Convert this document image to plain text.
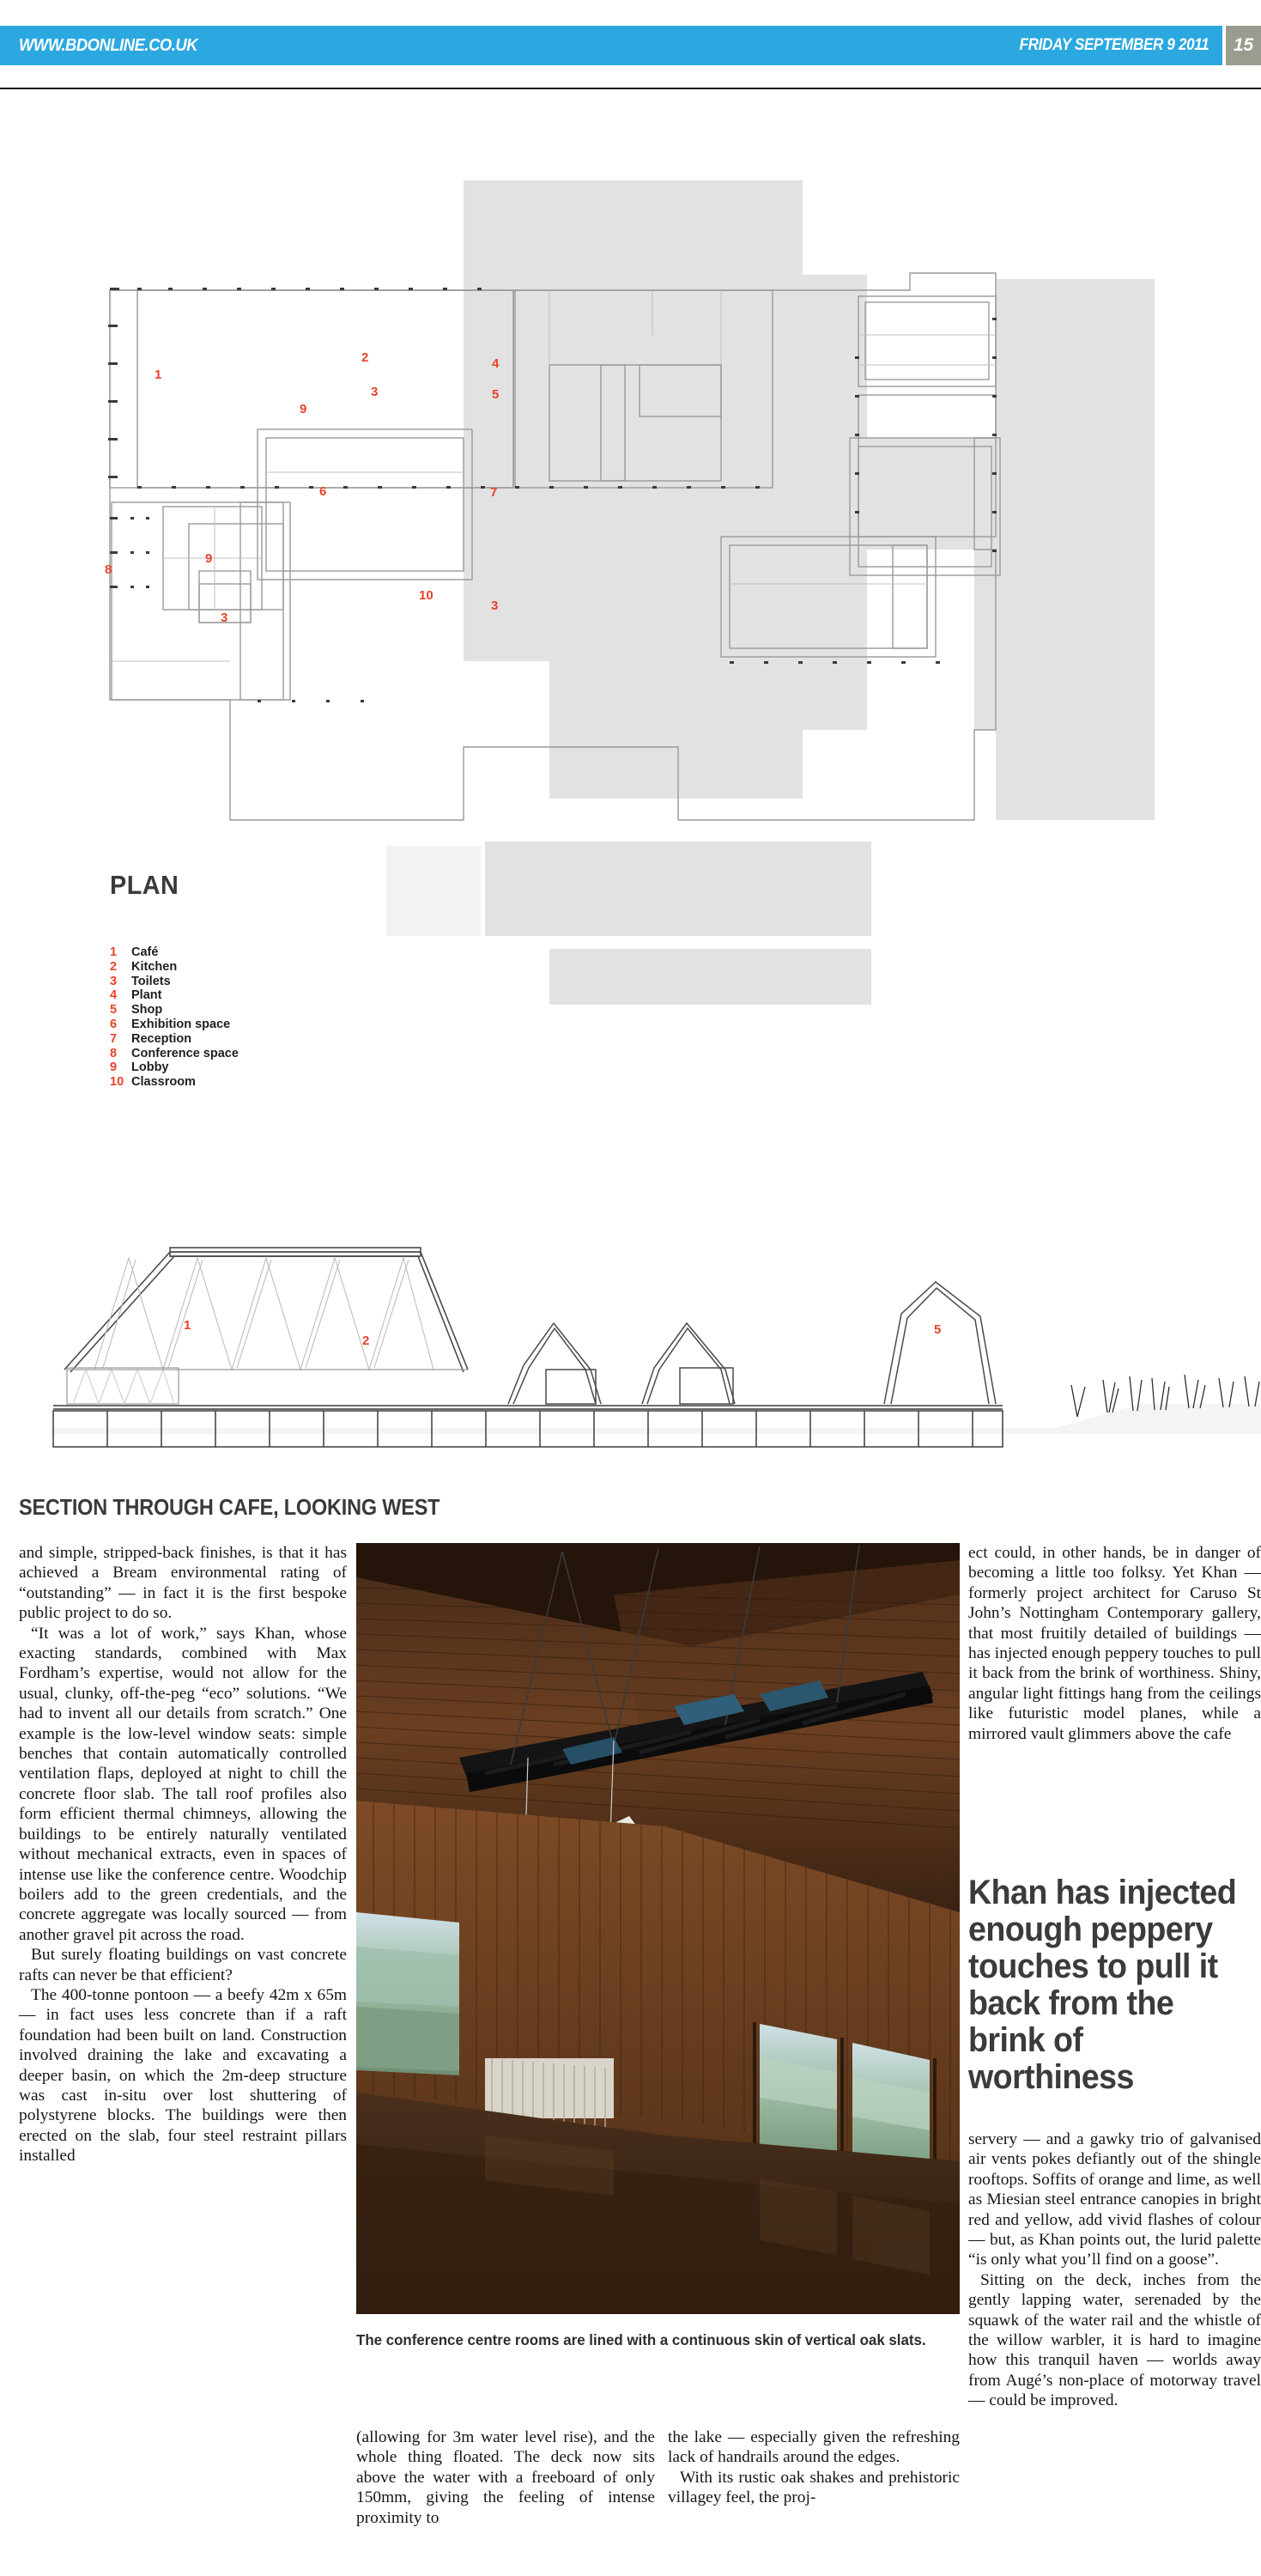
WWW.BDONLINE.CO.UK	FRIDAY SEPTEMBER 9 2011	15
1
2
3
4
5
6	7
8
9
9
10
3
3
PLAN
1	Café
2	Kitchen
3	Toilets
4	Plant
5	Shop
6	Exhibition space
7	Reception
8	Conference space
9	Lobby
10 Classroom
1
2
5
SECTION THROUGH CAFE, LOOKING WEST
The conference centre rooms are lined with a continuous skin of vertical oak slats.

and simple, stripped-back finishes, is that it has achieved a Bream environmental rating of “outstanding” — in fact it is the first bespoke public project to do so.

“It was a lot of work,” says Khan, whose exacting standards, combined with Max Fordham’s expertise, would not allow for the usual, clunky, off-the-peg “eco” solutions. “We had to invent all our details from scratch.” One example is the low-level window seats: simple benches that contain automatically controlled ventilation flaps, deployed at night to chill the concrete floor slab. The tall roof profiles also form efficient thermal chimneys, allowing the buildings to be entirely naturally ventilated without mechanical extracts, even in spaces of intense use like the conference centre. Woodchip boilers add to the green credentials, and the concrete aggregate was locally sourced — from another gravel pit across the road.

But surely floating buildings on vast concrete rafts can never be that efficient?

The 400-tonne pontoon — a beefy 42m x 65m — in fact uses less concrete than if a raft foundation had been built on land. Construction involved draining the lake and excavating a deeper basin, on which the 2m-deep structure was cast in-situ over lost shuttering of polystyrene blocks. The buildings were then erected on the slab, four steel restraint pillars installed

(allowing for 3m water level rise), and the whole thing floated. The deck now sits above the water with a freeboard of only 150mm, giving the feeling of intense proximity to

the lake — especially given the refreshing lack of handrails around the edges.

With its rustic oak shakes and prehistoric villagey feel, the proj-

ect could, in other hands, be in danger of becoming a little too folksy. Yet Khan — formerly project architect for Caruso St John’s Nottingham Contemporary gallery, that most fruitily detailed of buildings — has injected enough peppery touches to pull it back from the brink of worthiness. Shiny, angular light fittings hang from the ceilings like futuristic model planes, while a mirrored vault glimmers above the cafe

Khan has injected enough peppery touches to pull it back from the brink of worthiness

servery — and a gawky trio of galvanised air vents pokes defiantly out of the shingle rooftops. Soffits of orange and lime, as well as Miesian steel entrance canopies in bright red and yellow, add vivid flashes of colour — but, as Khan points out, the lurid palette “is only what you’ll find on a goose”.

Sitting on the deck, inches from the gently lapping water, serenaded by the squawk of the water rail and the whistle of the willow warbler, it is hard to imagine how this tranquil haven — worlds away from Augé’s non-place of motorway travel — could be improved.
